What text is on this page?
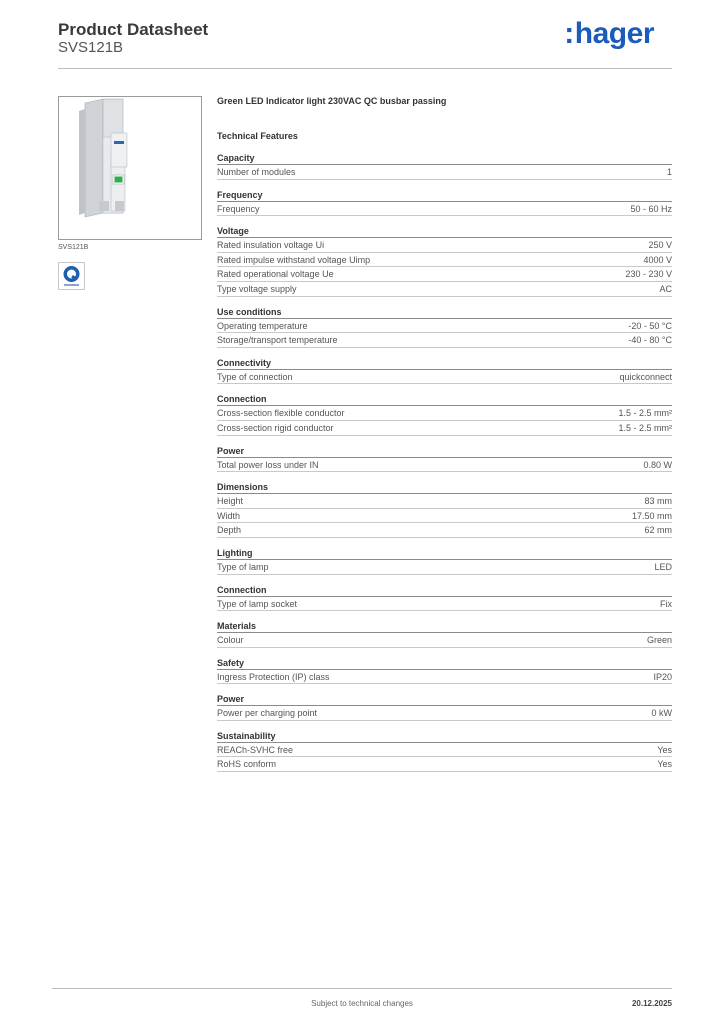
Product Datasheet
SVS121B	:hager
SVS121B
Green LED Indicator light 230VAC QC busbar passing
Technical Features
Capacity
Number of modules	1
Frequency
Frequency	50 - 60 Hz
Voltage
Rated insulation voltage Ui	250 V
Rated impulse withstand voltage Uimp	4000 V
Rated operational voltage Ue	230 - 230 V
Type voltage supply	AC
Use conditions
Operating temperature	-20 - 50 °C
Storage/transport temperature	-40 - 80 °C
Connectivity
Type of connection	quickconnect
Connection
Cross-section flexible conductor	1.5 - 2.5 mm²
Cross-section rigid conductor	1.5 - 2.5 mm²
Power
Total power loss under IN	0.80 W
Dimensions
Height	83 mm
Width	17.50 mm
Depth	62 mm
Lighting
Type of lamp	LED
Connection
Type of lamp socket	Fix
Materials
Colour	Green
Safety
Ingress Protection (IP) class	IP20
Power
Power per charging point	0 kW
Sustainability
REACh-SVHC free	Yes
RoHS conform	Yes
Subject to technical changes	20.12.2025
